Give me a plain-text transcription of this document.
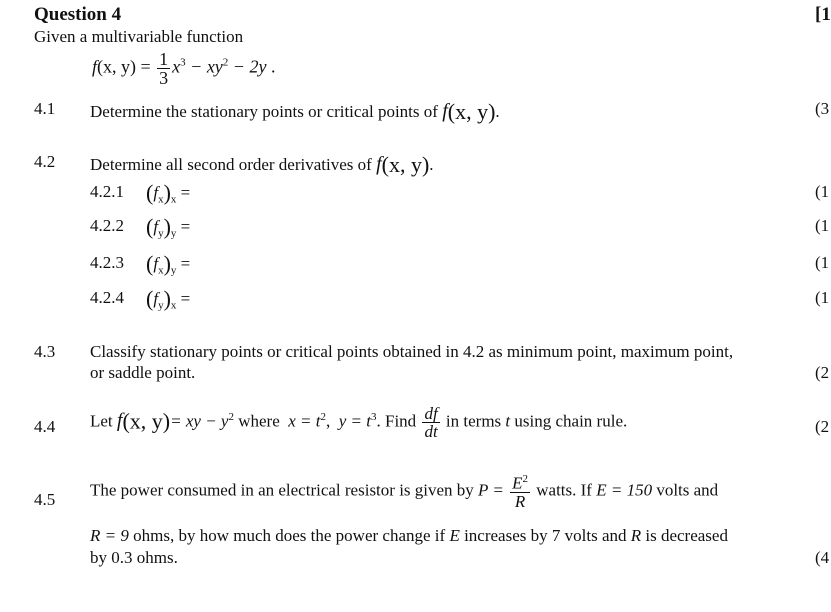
Question 4	[1
Given a multivariable function
f(x, $y) = \frac{1}{3} x^3 - xy^2 - 2y$ .
4.1 Determine the stationary points or critical points of f(x, y).	(3
4.2 Determine all second order derivatives of f(x, y).
4.2.1 $(f_x)_x$ =	(1
4.2.2 $(f_y)_y$ =	(1
4.2.3 $(f_x)_y$ =	(1
4.2.4 $(f_y)_x$ =	(1
4.3 Classify stationary points or critical points obtained in 4.2 as minimum point, maximum point,
or saddle point.	(2
4.4 Let f(x, y)= xy − $y^2$ where $x = t^2$, $y = t^3$. Find $\frac{df}{dt}$ in terms t using chain rule.	(2
4.5 The power consumed in an electrical resistor is given by $P = \frac{E^2}{R}$ watts. If E = 150 volts and
R = 9 ohms, by how much does the power change if E increases by 7 volts and R is decreased
by 0.3 ohms.	(4
